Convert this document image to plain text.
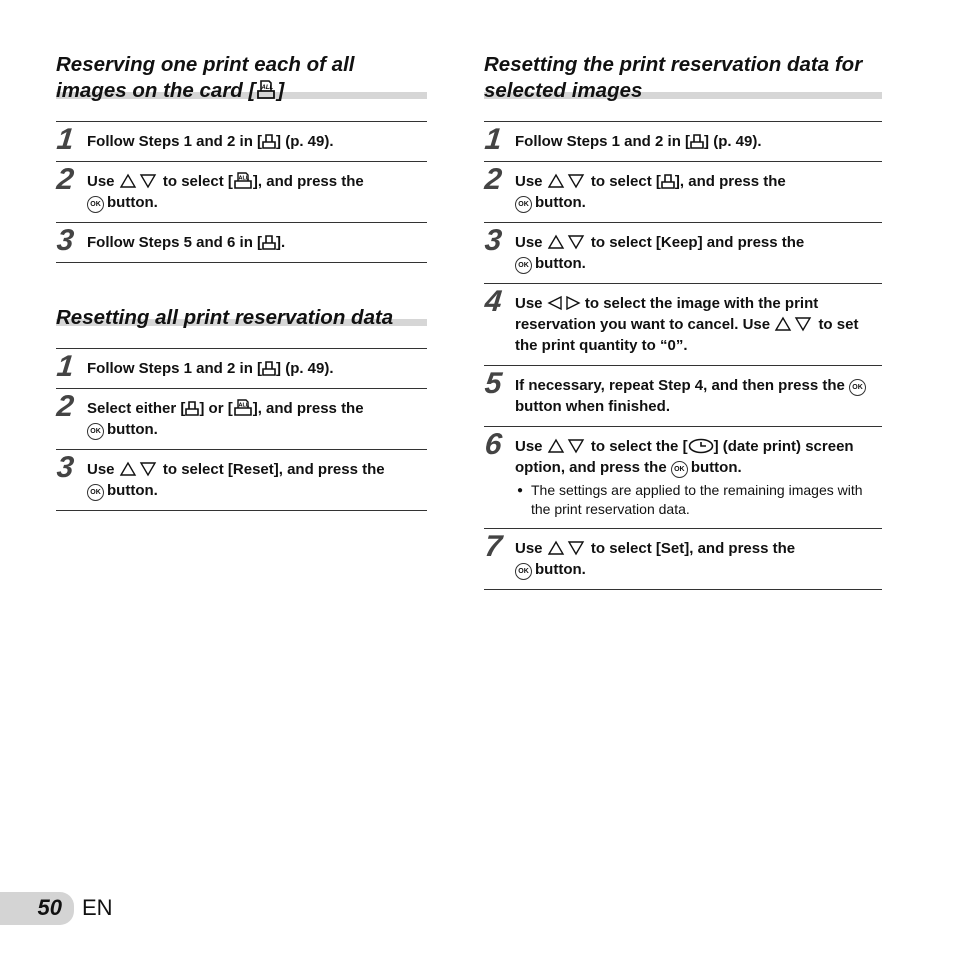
Reserving one print each of all images on the card [ ALL ]
1 Follow Steps 1 and 2 in [ ] (p. 49).
2 Use	to select [ ALL ], and press the
OK button.
3 Follow Steps 5 and 6 in [ ].
Resetting all print reservation data
1 Follow Steps 1 and 2 in [ ] (p. 49).
2 Select either [ ] or [ ALL ], and press the
OK button.
3 Use	to select [Reset], and press the
OK button.
Resetting the print reservation data for selected images
1 Follow Steps 1 and 2 in [ ] (p. 49).
2 Use	to select [ ], and press the
OK button.
3 Use	to select [Keep] and press the
OK button.
4 Use	to select the image with the print reservation you want to cancel. Use	to set the print quantity to “0”.
5 If necessary, repeat Step 4, and then press the OKbutton when finished.
6 Use	to select the [ ] (date print) screen option, and press the OK button.
● The settings are applied to the remaining images with the print reservation data.
7 Use	to select [Set], and press the
OK button.
50 EN
